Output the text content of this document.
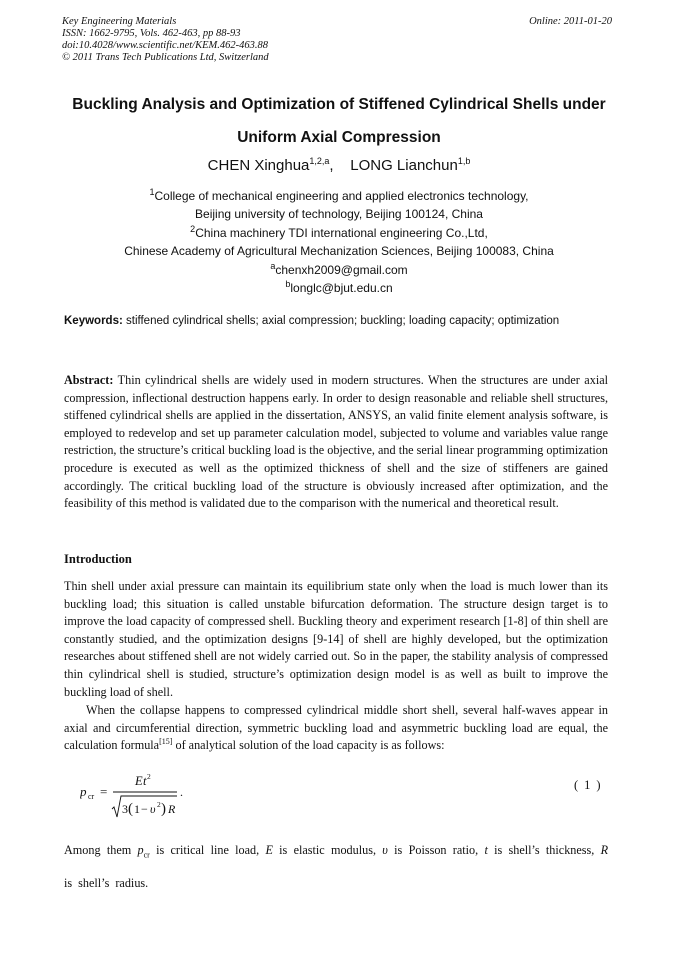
Key Engineering Materials
ISSN: 1662-9795, Vols. 462-463, pp 88-93
doi:10.4028/www.scientific.net/KEM.462-463.88
© 2011 Trans Tech Publications Ltd, Switzerland
Online: 2011-01-20
Buckling Analysis and Optimization of Stiffened Cylindrical Shells under
Uniform Axial Compression
CHEN Xinghua$^{1,2,a}$,    LONG Lianchun$^{1,b}$
$^1$College of mechanical engineering and applied electronics technology,
Beijing university of technology, Beijing 100124, China
$^2$China machinery TDI international engineering Co.,Ltd,
Chinese Academy of Agricultural Mechanization Sciences, Beijing 100083, China
$^a$chenxh2009@gmail.com
$^b$longlc@bjut.edu.cn
Keywords: stiffened cylindrical shells; axial compression; buckling; loading capacity; optimization
Abstract: Thin cylindrical shells are widely used in modern structures. When the structures are under axial compression, inflectional destruction happens early. In order to design reasonable and reliable shell structures, stiffened cylindrical shells are applied in the dissertation, ANSYS, an valid finite element analysis software, is employed to redevelop and set up parameter calculation model, subjected to volume and variables value range restriction, the structure’s critical buckling load is the objective, and the serial linear programming optimization procedure is executed as well as the optimized thickness of shell and the size of stiffeners are gained accordingly. The critical buckling load of the structure is obviously increased after optimization, and the feasibility of this method is validated due to the comparison with the numerical and theoretical result.
Introduction
Thin shell under axial pressure can maintain its equilibrium state only when the load is much lower than its buckling load; this situation is called unstable bifurcation deformation. The structure design target is to improve the load capacity of compressed shell. Buckling theory and experiment research [1-8] of thin shell are constantly studied, and the optimization designs [9-14] of shell are highly developed, but the optimization researches about stiffened shell are not widely carried out. So in the paper, the stability analysis of compressed thin cylindrical shell is studied, structure’s optimization design model is as well as built to improve the buckling load of shell.
When the collapse happens to compressed cylindrical middle short shell, several half-waves appear in axial and circumferential direction, symmetric buckling load and asymmetric buckling load are equal, the calculation formula[15] of analytical solution of the load capacity is as follows:
p cr =
E t 2
3 ( 1 − υ 2 ) R
.	(1)
Among them $p_{cr}$ is critical line load, E is elastic modulus, υ is Poisson ratio, t is shell’s thickness, R is shell’s radius.
